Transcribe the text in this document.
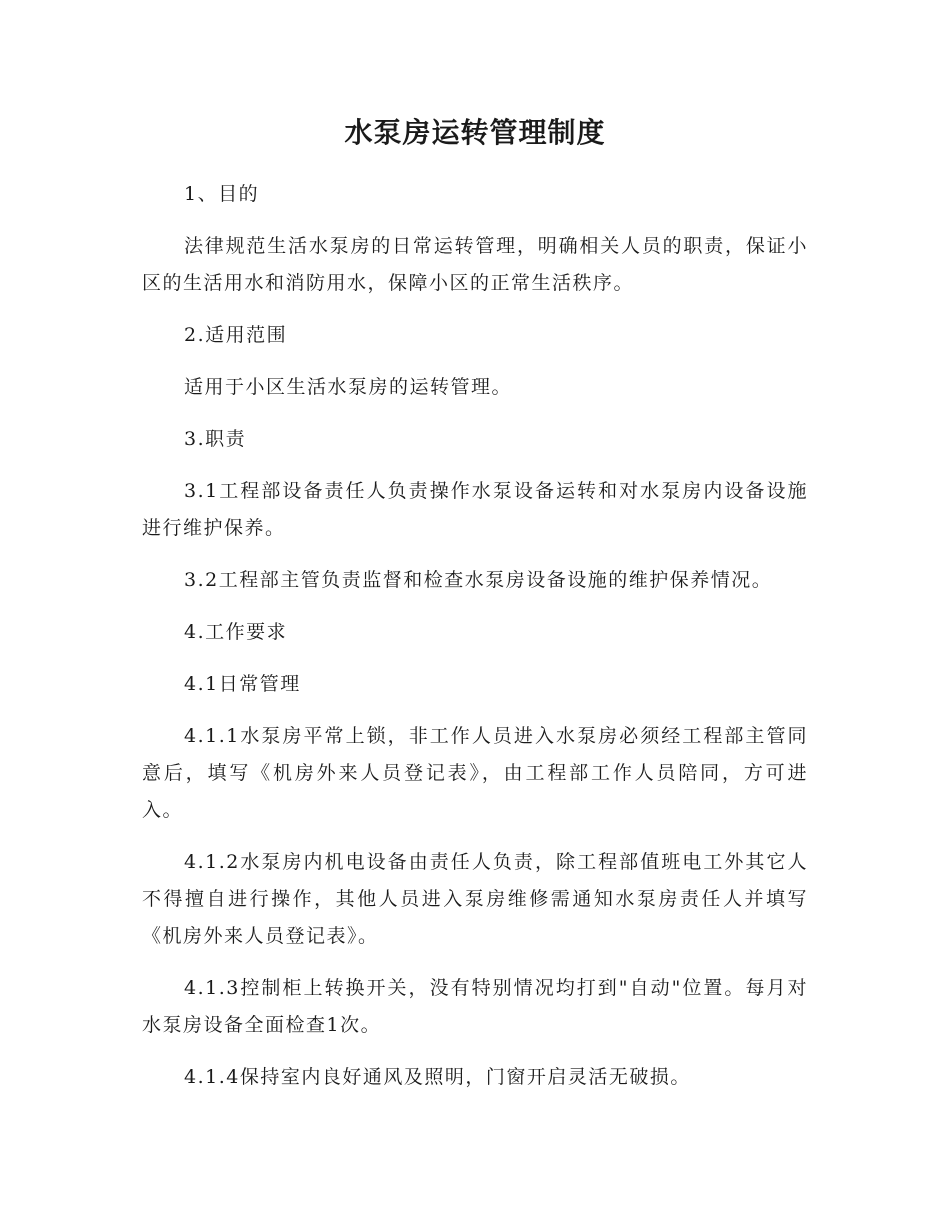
水泵房运转管理制度

1、目的

法律规范生活水泵房的日常运转管理，明确相关人员的职责，保证小区的生活用水和消防用水，保障小区的正常生活秩序。

2.适用范围

适用于小区生活水泵房的运转管理。

3.职责

3.1工程部设备责任人负责操作水泵设备运转和对水泵房内设备设施进行维护保养。

3.2工程部主管负责监督和检查水泵房设备设施的维护保养情况。

4.工作要求

4.1日常管理

4.1.1水泵房平常上锁，非工作人员进入水泵房必须经工程部主管同意后，填写《机房外来人员登记表》，由工程部工作人员陪同，方可进入。

4.1.2水泵房内机电设备由责任人负责，除工程部值班电工外其它人不得擅自进行操作，其他人员进入泵房维修需通知水泵房责任人并填写《机房外来人员登记表》。

4.1.3控制柜上转换开关，没有特别情况均打到"自动"位置。每月对水泵房设备全面检查1次。

4.1.4保持室内良好通风及照明，门窗开启灵活无破损。
